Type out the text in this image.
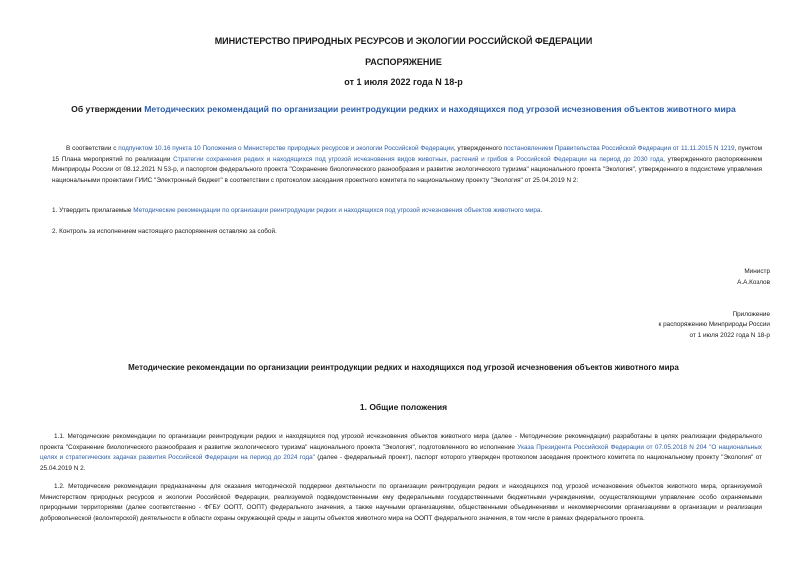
МИНИСТЕРСТВО ПРИРОДНЫХ РЕСУРСОВ И ЭКОЛОГИИ РОССИЙСКОЙ ФЕДЕРАЦИИ
РАСПОРЯЖЕНИЕ
от 1 июля 2022 года N 18-р
Об утверждении Методических рекомендаций по организации реинтродукции редких и находящихся под угрозой исчезновения объектов животного мира

В соответствии с подпунктом 10.16 пункта 10 Положения о Министерстве природных ресурсов и экологии Российской Федерации, утвержденного постановлением Правительства Российской Федерации от 11.11.2015 N 1219, пунктом 15 Плана мероприятий по реализации Стратегии сохранения редких и находящихся под угрозой исчезновения видов животных, растений и грибов в Российской Федерации на период до 2030 года, утвержденного распоряжением Минприроды России от 08.12.2021 N 53-р, и паспортом федерального проекта "Сохранение биологического разнообразия и развитие экологического туризма" национального проекта "Экология", утвержденного в подсистеме управления национальными проектами ГИИС "Электронный бюджет" в соответствии с протоколом заседания проектного комитета по национальному проекту "Экология" от 25.04.2019 N 2:

1. Утвердить прилагаемые Методические рекомендации по организации реинтродукции редких и находящихся под угрозой исчезновения объектов животного мира.
2. Контроль за исполнением настоящего распоряжения оставляю за собой.
Министр
А.А.Козлов
Приложение
к распоряжению Минприроды России
от 1 июля 2022 года N 18-р
Методические рекомендации по организации реинтродукции редких и находящихся под угрозой исчезновения объектов животного мира
1. Общие положения

1.1. Методические рекомендации по организации реинтродукции редких и находящихся под угрозой исчезновения объектов животного мира (далее - Методические рекомендации) разработаны в целях реализации федерального проекта "Сохранение биологического разнообразия и развитие экологического туризма" национального проекта "Экология", подготовленного во исполнение Указа Президента Российской Федерации от 07.05.2018 N 204 "О национальных целях и стратегических задачах развития Российской Федерации на период до 2024 года" (далее - федеральный проект), паспорт которого утвержден протоколом заседания проектного комитета по национальному проекту "Экология" от 25.04.2019 N 2.

1.2. Методические рекомендации предназначены для оказания методической поддержки деятельности по организации реинтродукции редких и находящихся под угрозой исчезновения объектов животного мира, организуемой Министерством природных ресурсов и экологии Российской Федерации, реализуемой подведомственными ему федеральными государственными бюджетными учреждениями, осуществляющими управление особо охраняемыми природными территориями (далее соответственно - ФГБУ ООПТ, ООПТ) федерального значения, а также научными организациями, общественными объединениями и некоммерческими организациями в организации и реализации добровольческой (волонтерской) деятельности в области охраны окружающей среды и защиты объектов животного мира на ООПТ федерального значения, в том числе в рамках федерального проекта.
